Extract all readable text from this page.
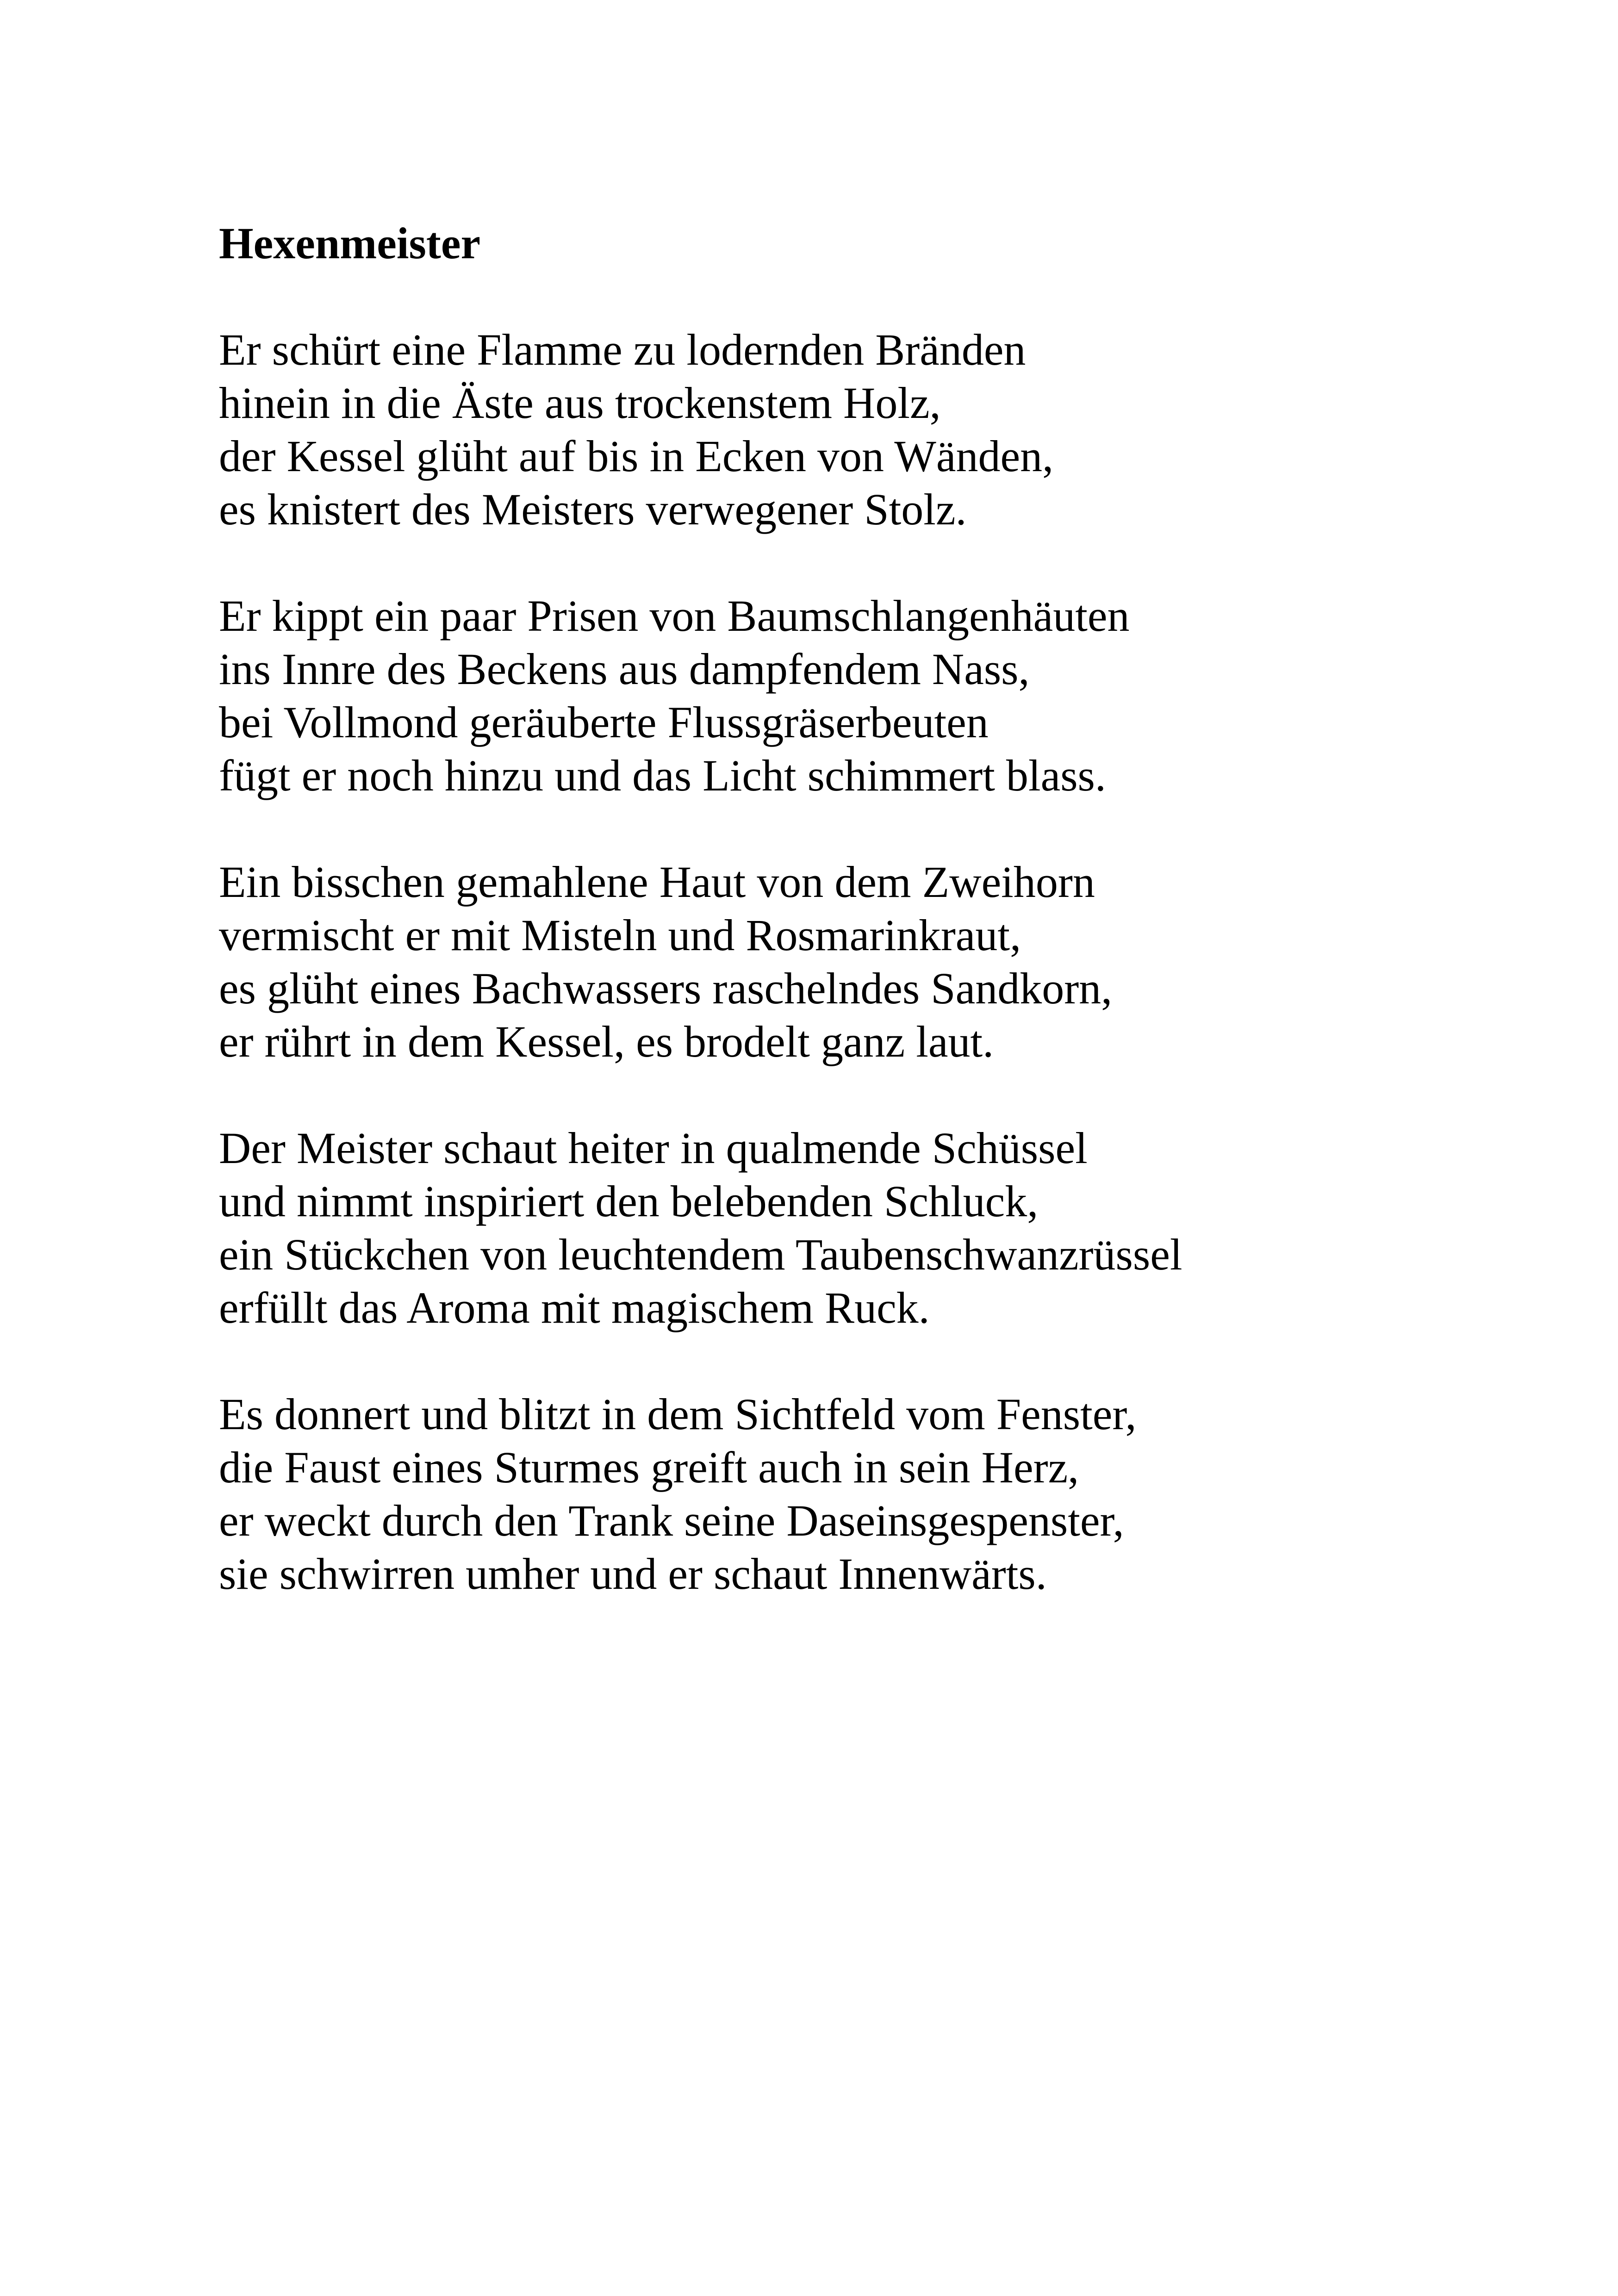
Hexenmeister
Er schürt eine Flamme zu lodernden Bränden
hinein in die Äste aus trockenstem Holz,
der Kessel glüht auf bis in Ecken von Wänden,
es knistert des Meisters verwegener Stolz.
Er kippt ein paar Prisen von Baumschlangenhäuten
ins Innre des Beckens aus dampfendem Nass,
bei Vollmond geräuberte Flussgräserbeuten
fügt er noch hinzu und das Licht schimmert blass.
Ein bisschen gemahlene Haut von dem Zweihorn
vermischt er mit Misteln und Rosmarinkraut,
es glüht eines Bachwassers raschelndes Sandkorn,
er rührt in dem Kessel, es brodelt ganz laut.
Der Meister schaut heiter in qualmende Schüssel
und nimmt inspiriert den belebenden Schluck,
ein Stückchen von leuchtendem Taubenschwanzrüssel
erfüllt das Aroma mit magischem Ruck.
Es donnert und blitzt in dem Sichtfeld vom Fenster,
die Faust eines Sturmes greift auch in sein Herz,
er weckt durch den Trank seine Daseinsgespenster,
sie schwirren umher und er schaut Innenwärts.
